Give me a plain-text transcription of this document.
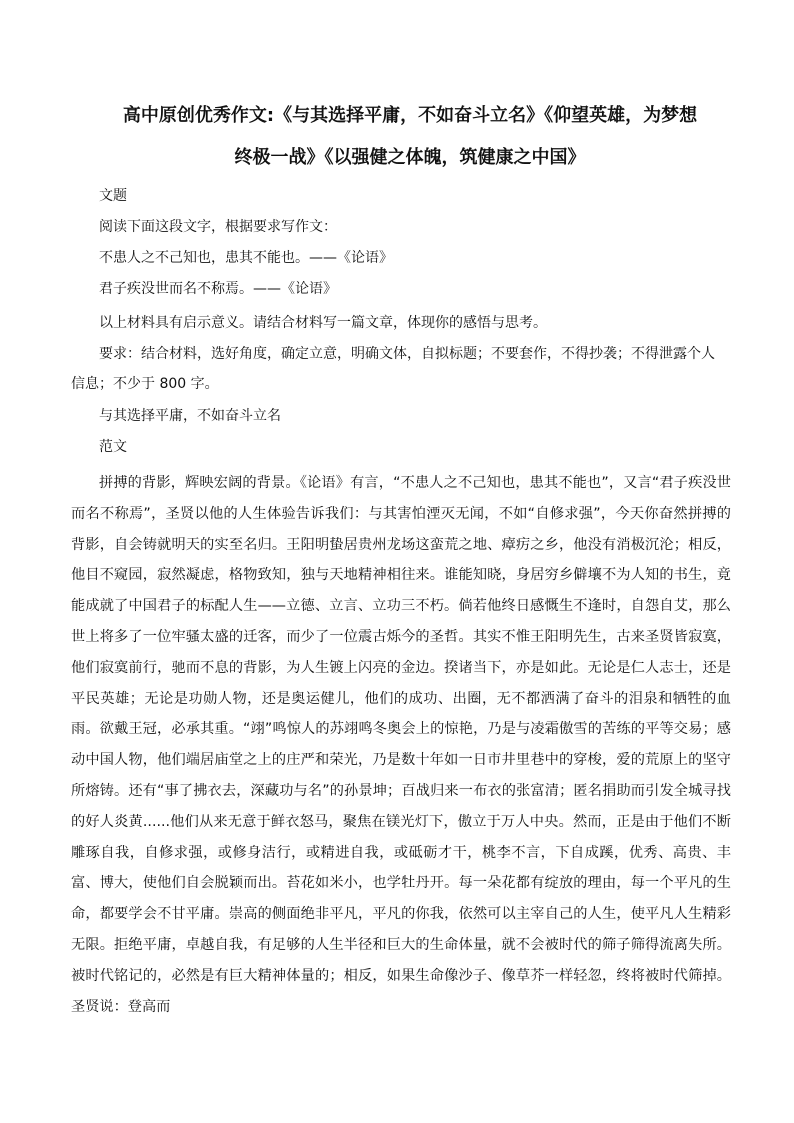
高中原创优秀作文:《与其选择平庸，不如奋斗立名》《仰望英雄，为梦想
终极一战》《以强健之体魄，筑健康之中国》
文题
阅读下面这段文字，根据要求写作文：
不患人之不己知也，患其不能也。——《论语》
君子疾没世而名不称焉。——《论语》
以上材料具有启示意义。请结合材料写一篇文章，体现你的感悟与思考。
要求：结合材料，选好角度，确定立意，明确文体，自拟标题；不要套作，不得抄袭；不得泄露个人
信息；不少于 800 字。
与其选择平庸，不如奋斗立名
范文

拼搏的背影，辉映宏阔的背景。《论语》有言，“不患人之不己知也，患其不能也”，又言“君子疾没世而名不称焉”，圣贤以他的人生体验告诉我们：与其害怕湮灭无闻，不如“自修求强”，今天你奋然拼搏的背影，自会铸就明天的实至名归。王阳明蛰居贵州龙场这蛮荒之地、瘴疠之乡，他没有消极沉沦；相反，他目不窥园，寂然凝虑，格物致知，独与天地精神相往来。谁能知晓，身居穷乡僻壤不为人知的书生，竟能成就了中国君子的标配人生——立德、立言、立功三不朽。倘若他终日感慨生不逢时，自怨自艾，那么世上将多了一位牢骚太盛的迁客，而少了一位震古烁今的圣哲。其实不惟王阳明先生，古来圣贤皆寂寞，他们寂寞前行，驰而不息的背影，为人生镀上闪亮的金边。揆诸当下，亦是如此。无论是仁人志士，还是平民英雄；无论是功勋人物，还是奥运健儿，他们的成功、出圈，无不都洒满了奋斗的泪泉和牺牲的血雨。欲戴王冠，必承其重。“翊”鸣惊人的苏翊鸣冬奥会上的惊艳，乃是与凌霜傲雪的苦练的平等交易；感动中国人物，他们端居庙堂之上的庄严和荣光，乃是数十年如一日市井里巷中的穿梭，爱的荒原上的坚守所熔铸。还有“事了拂衣去，深藏功与名”的孙景坤；百战归来一布衣的张富清；匿名捐助而引发全城寻找的好人炎黄......他们从来无意于鲜衣怒马，聚焦在镁光灯下，傲立于万人中央。然而，正是由于他们不断雕琢自我，自修求强，或修身洁行，或精进自我，或砥砺才干，桃李不言，下自成蹊，优秀、高贵、丰富、博大，使他们自会脱颖而出。苔花如米小，也学牡丹开。每一朵花都有绽放的理由，每一个平凡的生命，都要学会不甘平庸。崇高的侧面绝非平凡，平凡的你我，依然可以主宰自己的人生，使平凡人生精彩无限。拒绝平庸，卓越自我，有足够的人生半径和巨大的生命体量，就不会被时代的筛子筛得流离失所。被时代铭记的，必然是有巨大精神体量的；相反，如果生命像沙子、像草芥一样轻忽，终将被时代筛掉。 圣贤说：登高而
